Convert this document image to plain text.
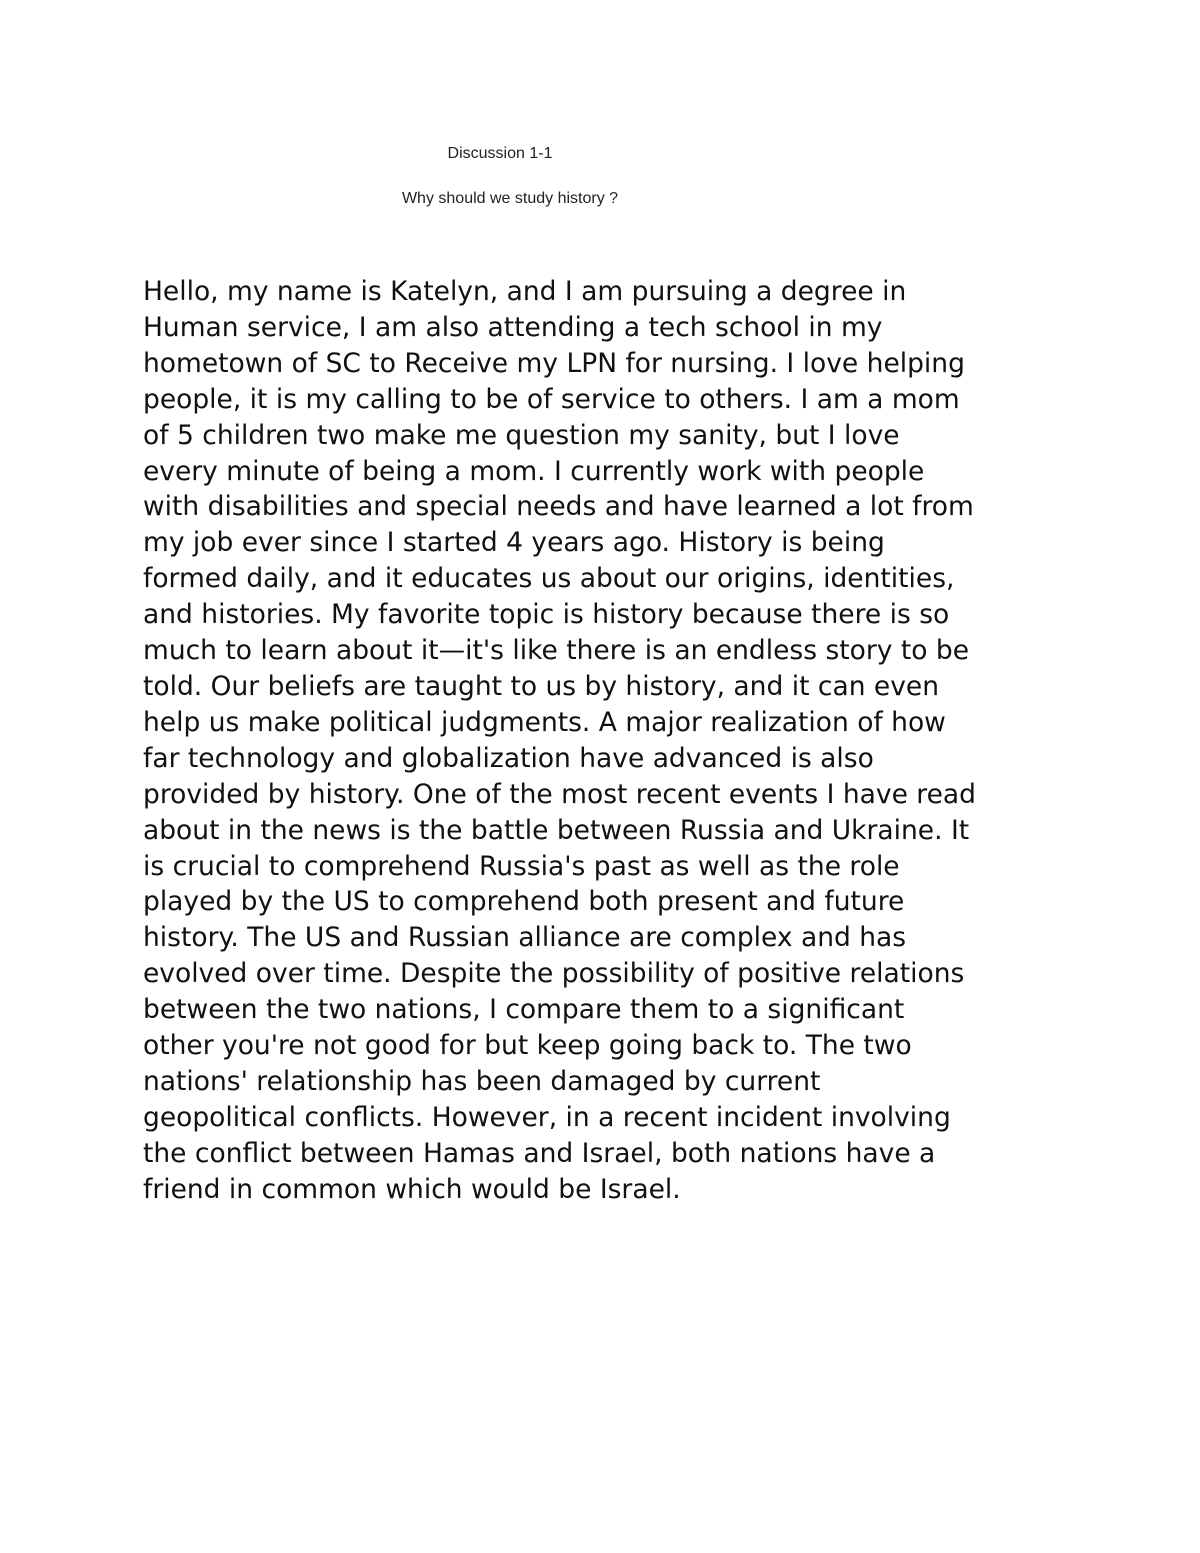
Discussion 1-1
Why should we study history ?

Hello, my name is Katelyn, and I am pursuing a degree in
Human service, I am also attending a tech school in my
hometown of SC to Receive my LPN for nursing. I love helping
people, it is my calling to be of service to others. I am a mom
of 5 children two make me question my sanity, but I love
every minute of being a mom. I currently work with people
with disabilities and special needs and have learned a lot from
my job ever since I started 4 years ago. History is being
formed daily, and it educates us about our origins, identities,
and histories. My favorite topic is history because there is so
much to learn about it—it's like there is an endless story to be
told. Our beliefs are taught to us by history, and it can even
help us make political judgments. A major realization of how
far technology and globalization have advanced is also
provided by history. One of the most recent events I have read
about in the news is the battle between Russia and Ukraine. It
is crucial to comprehend Russia's past as well as the role
played by the US to comprehend both present and future
history. The US and Russian alliance are complex and has
evolved over time. Despite the possibility of positive relations
between the two nations, I compare them to a significant
other you're not good for but keep going back to. The two
nations' relationship has been damaged by current
geopolitical conflicts. However, in a recent incident involving
the conflict between Hamas and Israel, both nations have a
friend in common which would be Israel.
